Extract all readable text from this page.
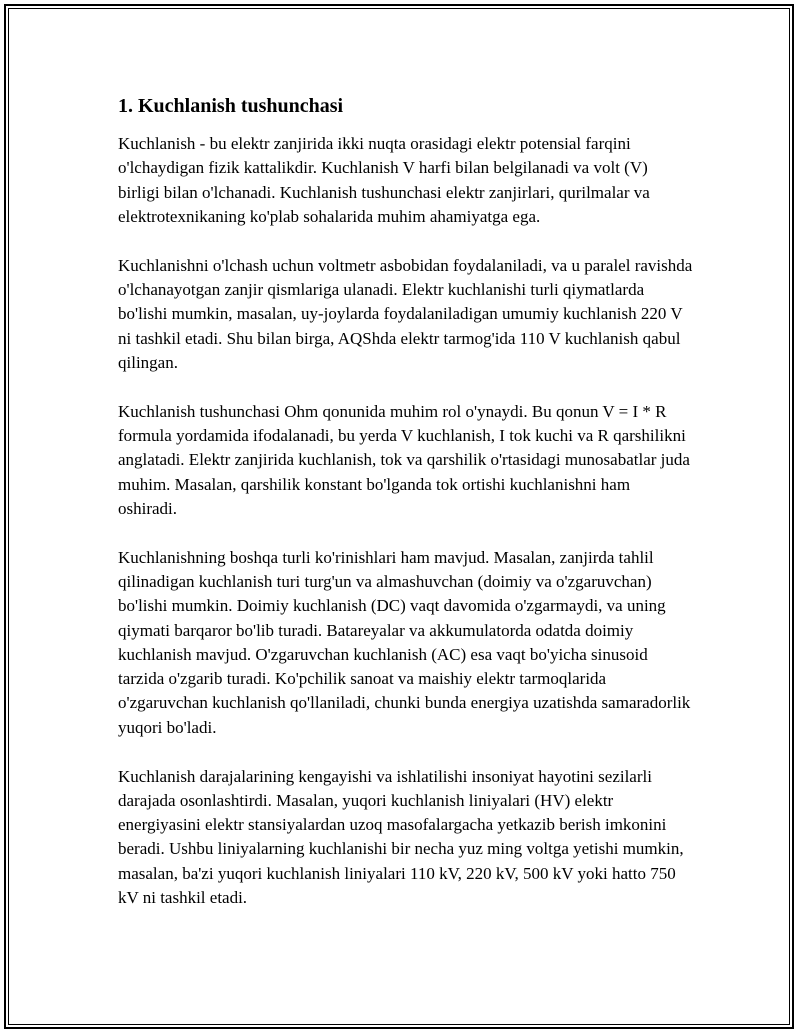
1. Kuchlanish tushunchasi

Kuchlanish - bu elektr zanjirida ikki nuqta orasidagi elektr potensial farqini o'lchaydigan fizik kattalikdir. Kuchlanish V harfi bilan belgilanadi va volt (V) birligi bilan o'lchanadi. Kuchlanish tushunchasi elektr zanjirlari, qurilmalar va elektrotexnikaning ko'plab sohalarida muhim ahamiyatga ega.

Kuchlanishni o'lchash uchun voltmetr asbobidan foydalaniladi, va u paralel ravishda o'lchanayotgan zanjir qismlariga ulanadi. Elektr kuchlanishi turli qiymatlarda bo'lishi mumkin, masalan, uy-joylarda foydalaniladigan umumiy kuchlanish 220 V ni tashkil etadi. Shu bilan birga, AQShda elektr tarmog'ida 110 V kuchlanish qabul qilingan.

Kuchlanish tushunchasi Ohm qonunida muhim rol o'ynaydi. Bu qonun V = I * R formula yordamida ifodalanadi, bu yerda V kuchlanish, I tok kuchi va R qarshilikni anglatadi. Elektr zanjirida kuchlanish, tok va qarshilik o'rtasidagi munosabatlar juda muhim. Masalan, qarshilik konstant bo'lganda tok ortishi kuchlanishni ham oshiradi.

Kuchlanishning boshqa turli ko'rinishlari ham mavjud. Masalan, zanjirda tahlil qilinadigan kuchlanish turi turg'un va almashuvchan (doimiy va o'zgaruvchan) bo'lishi mumkin. Doimiy kuchlanish (DC) vaqt davomida o'zgarmaydi, va uning qiymati barqaror bo'lib turadi. Batareyalar va akkumulatorda odatda doimiy kuchlanish mavjud. O'zgaruvchan kuchlanish (AC) esa vaqt bo'yicha sinusoid tarzida o'zgarib turadi. Ko'pchilik sanoat va maishiy elektr tarmoqlarida o'zgaruvchan kuchlanish qo'llaniladi, chunki bunda energiya uzatishda samaradorlik yuqori bo'ladi.

Kuchlanish darajalarining kengayishi va ishlatilishi insoniyat hayotini sezilarli darajada osonlashtirdi. Masalan, yuqori kuchlanish liniyalari (HV) elektr energiyasini elektr stansiyalardan uzoq masofalargacha yetkazib berish imkonini beradi. Ushbu liniyalarning kuchlanishi bir necha yuz ming voltga yetishi mumkin, masalan, ba'zi yuqori kuchlanish liniyalari 110 kV, 220 kV, 500 kV yoki hatto 750 kV ni tashkil etadi.
